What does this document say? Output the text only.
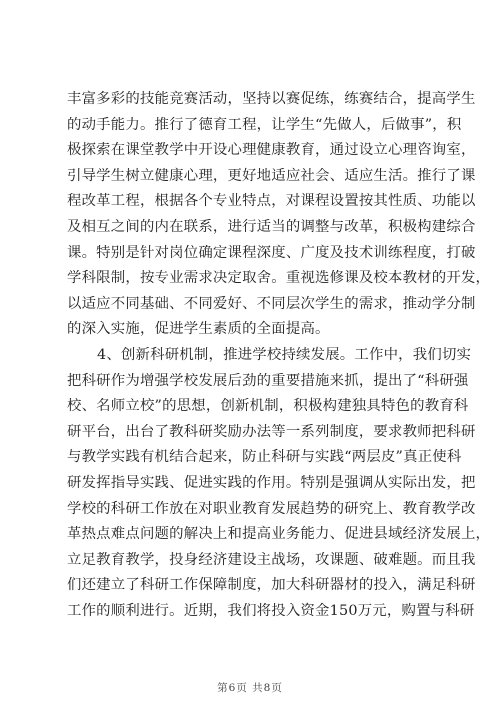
丰富多彩的技能竞赛活动，坚持以赛促练，练赛结合，提高学生
的动手能力。推行了德育工程，让学生“先做人，后做事”，积
极探索在课堂教学中开设心理健康教育，通过设立心理咨询室，
引导学生树立健康心理，更好地适应社会、适应生活。推行了课
程改革工程，根据各个专业特点，对课程设置按其性质、功能以
及相互之间的内在联系，进行适当的调整与改革，积极构建综合
课。特别是针对岗位确定课程深度、广度及技术训练程度，打破
学科限制，按专业需求决定取舍。重视选修课及校本教材的开发，
以适应不同基础、不同爱好、不同层次学生的需求，推动学分制
的深入实施，促进学生素质的全面提高。
4、创新科研机制，推进学校持续发展。工作中，我们切实
把科研作为增强学校发展后劲的重要措施来抓，提出了“科研强
校、名师立校”的思想，创新机制，积极构建独具特色的教育科
研平台，出台了教科研奖励办法等一系列制度，要求教师把科研
与教学实践有机结合起来，防止科研与实践“两层皮”真正使科
研发挥指导实践、促进实践的作用。特别是强调从实际出发，把
学校的科研工作放在对职业教育发展趋势的研究上、教育教学改
革热点难点问题的解决上和提高业务能力、促进县域经济发展上，
立足教育教学，投身经济建设主战场，攻课题、破难题。而且我
们还建立了科研工作保障制度，加大科研器材的投入，满足科研
工作的顺利进行。近期，我们将投入资金150万元，购置与科研
第6页 共8页
